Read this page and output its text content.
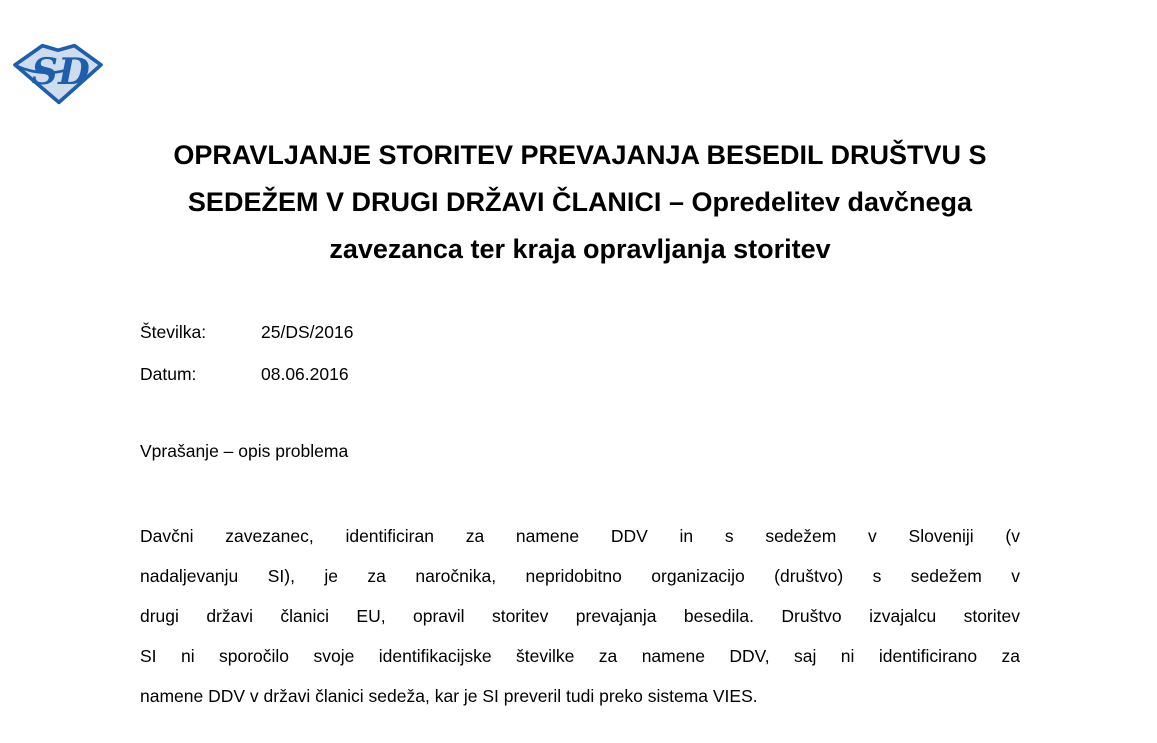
SD
OPRAVLJANJE STORITEV PREVAJANJA BESEDIL DRUŠTVU S
SEDEŽEM V DRUGI DRŽAVI ČLANICI – Opredelitev davčnega
zavezanca ter kraja opravljanja storitev
Številka:	25/DS/2016
Datum:	08.06.2016
Vprašanje – opis problema
Davčni zavezanec, identificiran za namene DDV in s sedežem v Sloveniji (v
nadaljevanju SI), je za naročnika, nepridobitno organizacijo (društvo) s sedežem v
drugi državi članici EU, opravil storitev prevajanja besedila. Društvo izvajalcu storitev
SI ni sporočilo svoje identifikacijske številke za namene DDV, saj ni identificirano za
namene DDV v državi članici sedeža, kar je SI preveril tudi preko sistema VIES.
